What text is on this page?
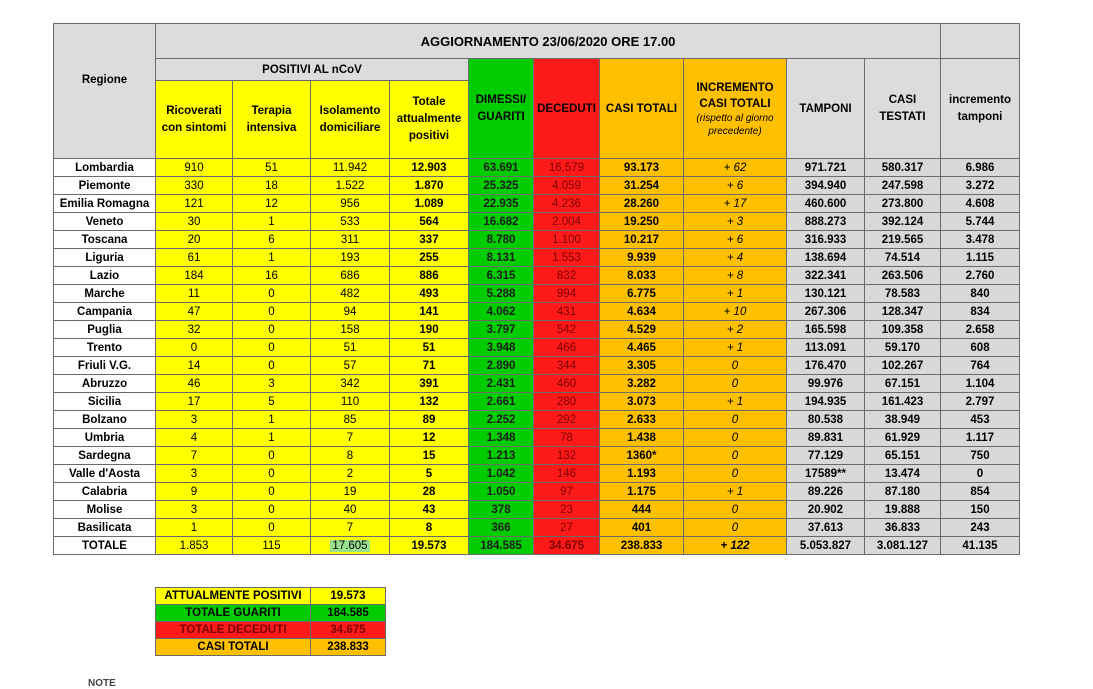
Regione	AGGIORNAMENTO 23/06/2020 ORE 17.00										
	POSITIVI AL nCoV				DIMESSI/ GUARITI	DECEDUTI	CASI TOTALI	INCREMENTO CASI TOTALI
(rispetto al giorno precedente)	TAMPONI	CASI TESTATI	incremento tamponi
	Ricoverati con sintomi	Terapia intensiva	Isolamento domiciliare	Totale attualmente positivi							
Lombardia	910	51	11.942	12.903	63.691	16.579	93.173	+ 62	971.721	580.317	6.986
Piemonte	330	18	1.522	1.870	25.325	4.059	31.254	+ 6	394.940	247.598	3.272
Emilia Romagna	121	12	956	1.089	22.935	4.236	28.260	+ 17	460.600	273.800	4.608
Veneto	30	1	533	564	16.682	2.004	19.250	+ 3	888.273	392.124	5.744
Toscana	20	6	311	337	8.780	1.100	10.217	+ 6	316.933	219.565	3.478
Liguria	61	1	193	255	8.131	1.553	9.939	+ 4	138.694	74.514	1.115
Lazio	184	16	686	886	6.315	832	8.033	+ 8	322.341	263.506	2.760
Marche	11	0	482	493	5.288	994	6.775	+ 1	130.121	78.583	840
Campania	47	0	94	141	4.062	431	4.634	+ 10	267.306	128.347	834
Puglia	32	0	158	190	3.797	542	4.529	+ 2	165.598	109.358	2.658
Trento	0	0	51	51	3.948	466	4.465	+ 1	113.091	59.170	608
Friuli V.G.	14	0	57	71	2.890	344	3.305	0	176.470	102.267	764
Abruzzo	46	3	342	391	2.431	460	3.282	0	99.976	67.151	1.104
Sicilia	17	5	110	132	2.661	280	3.073	+ 1	194.935	161.423	2.797
Bolzano	3	1	85	89	2.252	292	2.633	0	80.538	38.949	453
Umbria	4	1	7	12	1.348	78	1.438	0	89.831	61.929	1.117
Sardegna	7	0	8	15	1.213	132	1360*	0	77.129	65.151	750
Valle d'Aosta	3	0	2	5	1.042	146	1.193	0	17589**	13.474	0
Calabria	9	0	19	28	1.050	97	1.175	+ 1	89.226	87.180	854
Molise	3	0	40	43	378	23	444	0	20.902	19.888	150
Basilicata	1	0	7	8	366	27	401	0	37.613	36.833	243
TOTALE	1.853	115	17.605	19.573	184.585	34.675	238.833	+ 122	5.053.827	3.081.127	41.135
ATTUALMENTE POSITIVI	19.573
TOTALE GUARITI	184.585
TOTALE DECEDUTI	34.675
CASI TOTALI	238.833
NOTE
